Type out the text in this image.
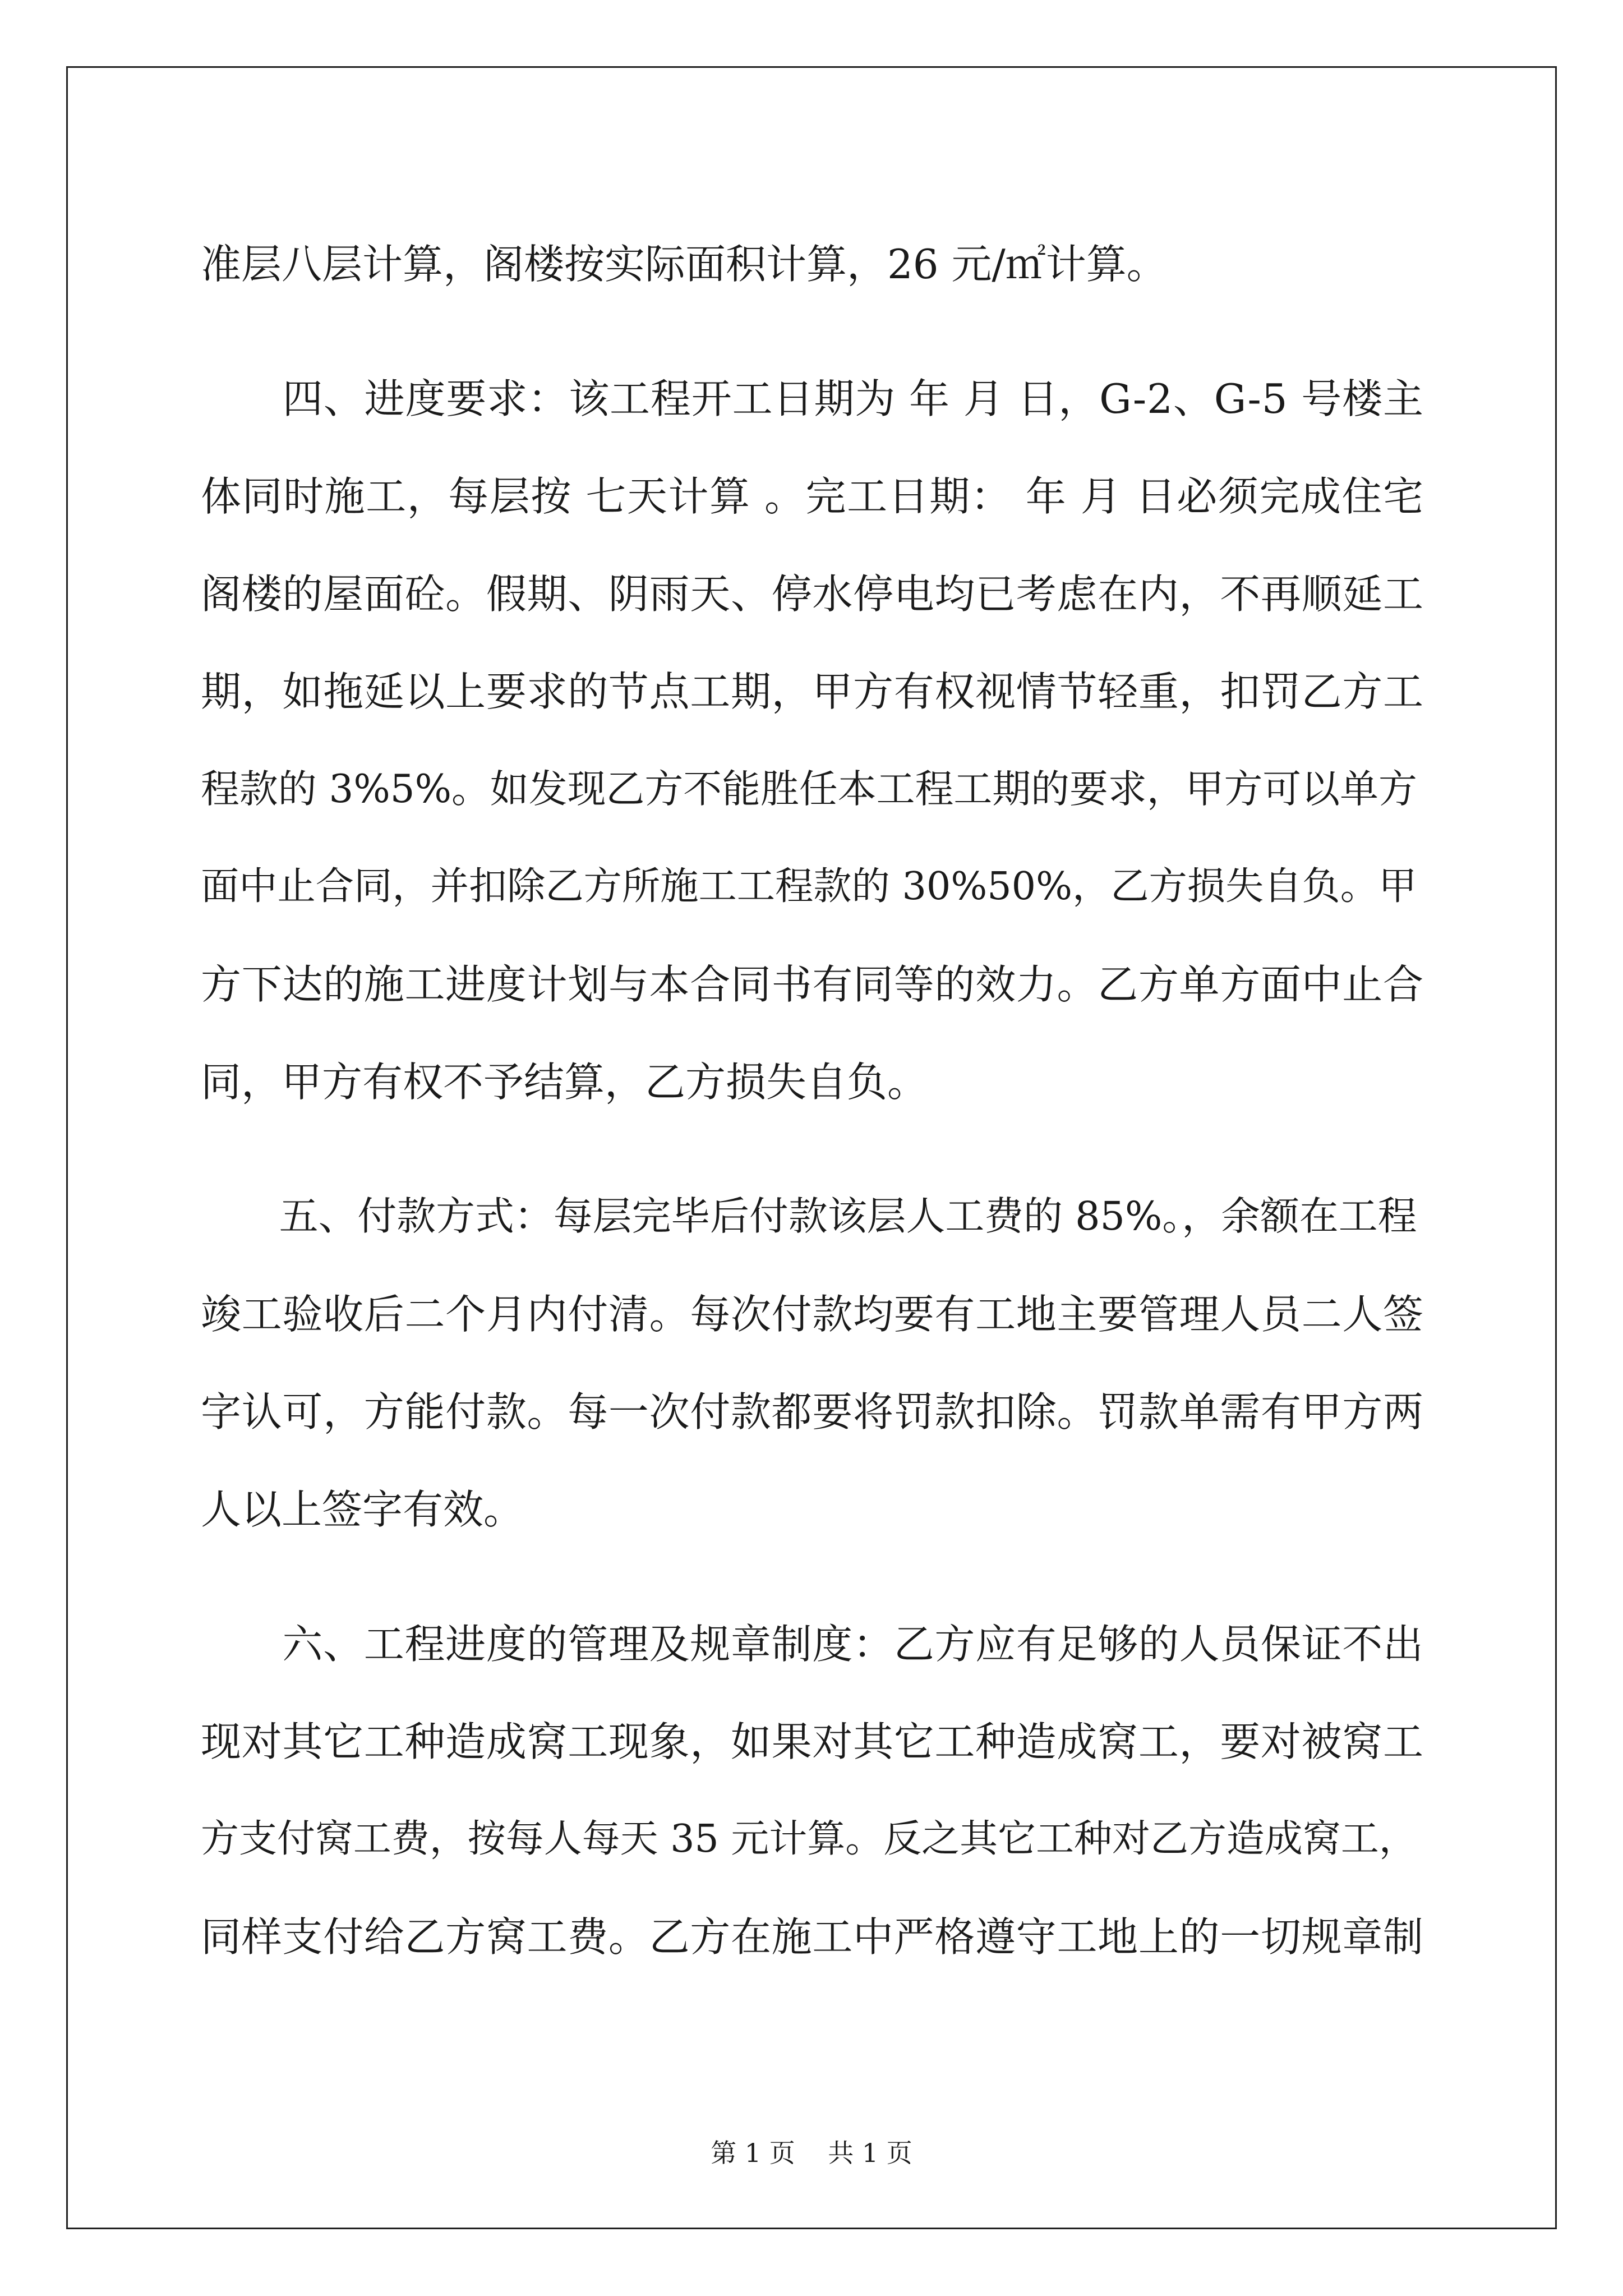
准层八层计算，阁楼按实际面积计算，26 元/㎡计算。
　　四、进度要求：该工程开工日期为 年 月 日，G-2、G-5 号楼主
体同时施工，每层按 七天计算 。完工日期： 年 月 日必须完成住宅
阁楼的屋面砼。假期、阴雨天、停水停电均已考虑在内，不再顺延工
期，如拖延以上要求的节点工期，甲方有权视情节轻重，扣罚乙方工
程款的 3%5%。如发现乙方不能胜任本工程工期的要求，甲方可以单方
面中止合同，并扣除乙方所施工工程款的 30%50%，乙方损失自负。甲
方下达的施工进度计划与本合同书有同等的效力。乙方单方面中止合
同，甲方有权不予结算，乙方损失自负。
　　五、付款方式：每层完毕后付款该层人工费的 85%。，余额在工程
竣工验收后二个月内付清。每次付款均要有工地主要管理人员二人签
字认可，方能付款。每一次付款都要将罚款扣除。罚款单需有甲方两
人以上签字有效。
　　六、工程进度的管理及规章制度：乙方应有足够的人员保证不出
现对其它工种造成窝工现象，如果对其它工种造成窝工，要对被窝工
方支付窝工费，按每人每天 35 元计算。反之其它工种对乙方造成窝工，
同样支付给乙方窝工费。乙方在施工中严格遵守工地上的一切规章制
第 1 页 共 1 页
